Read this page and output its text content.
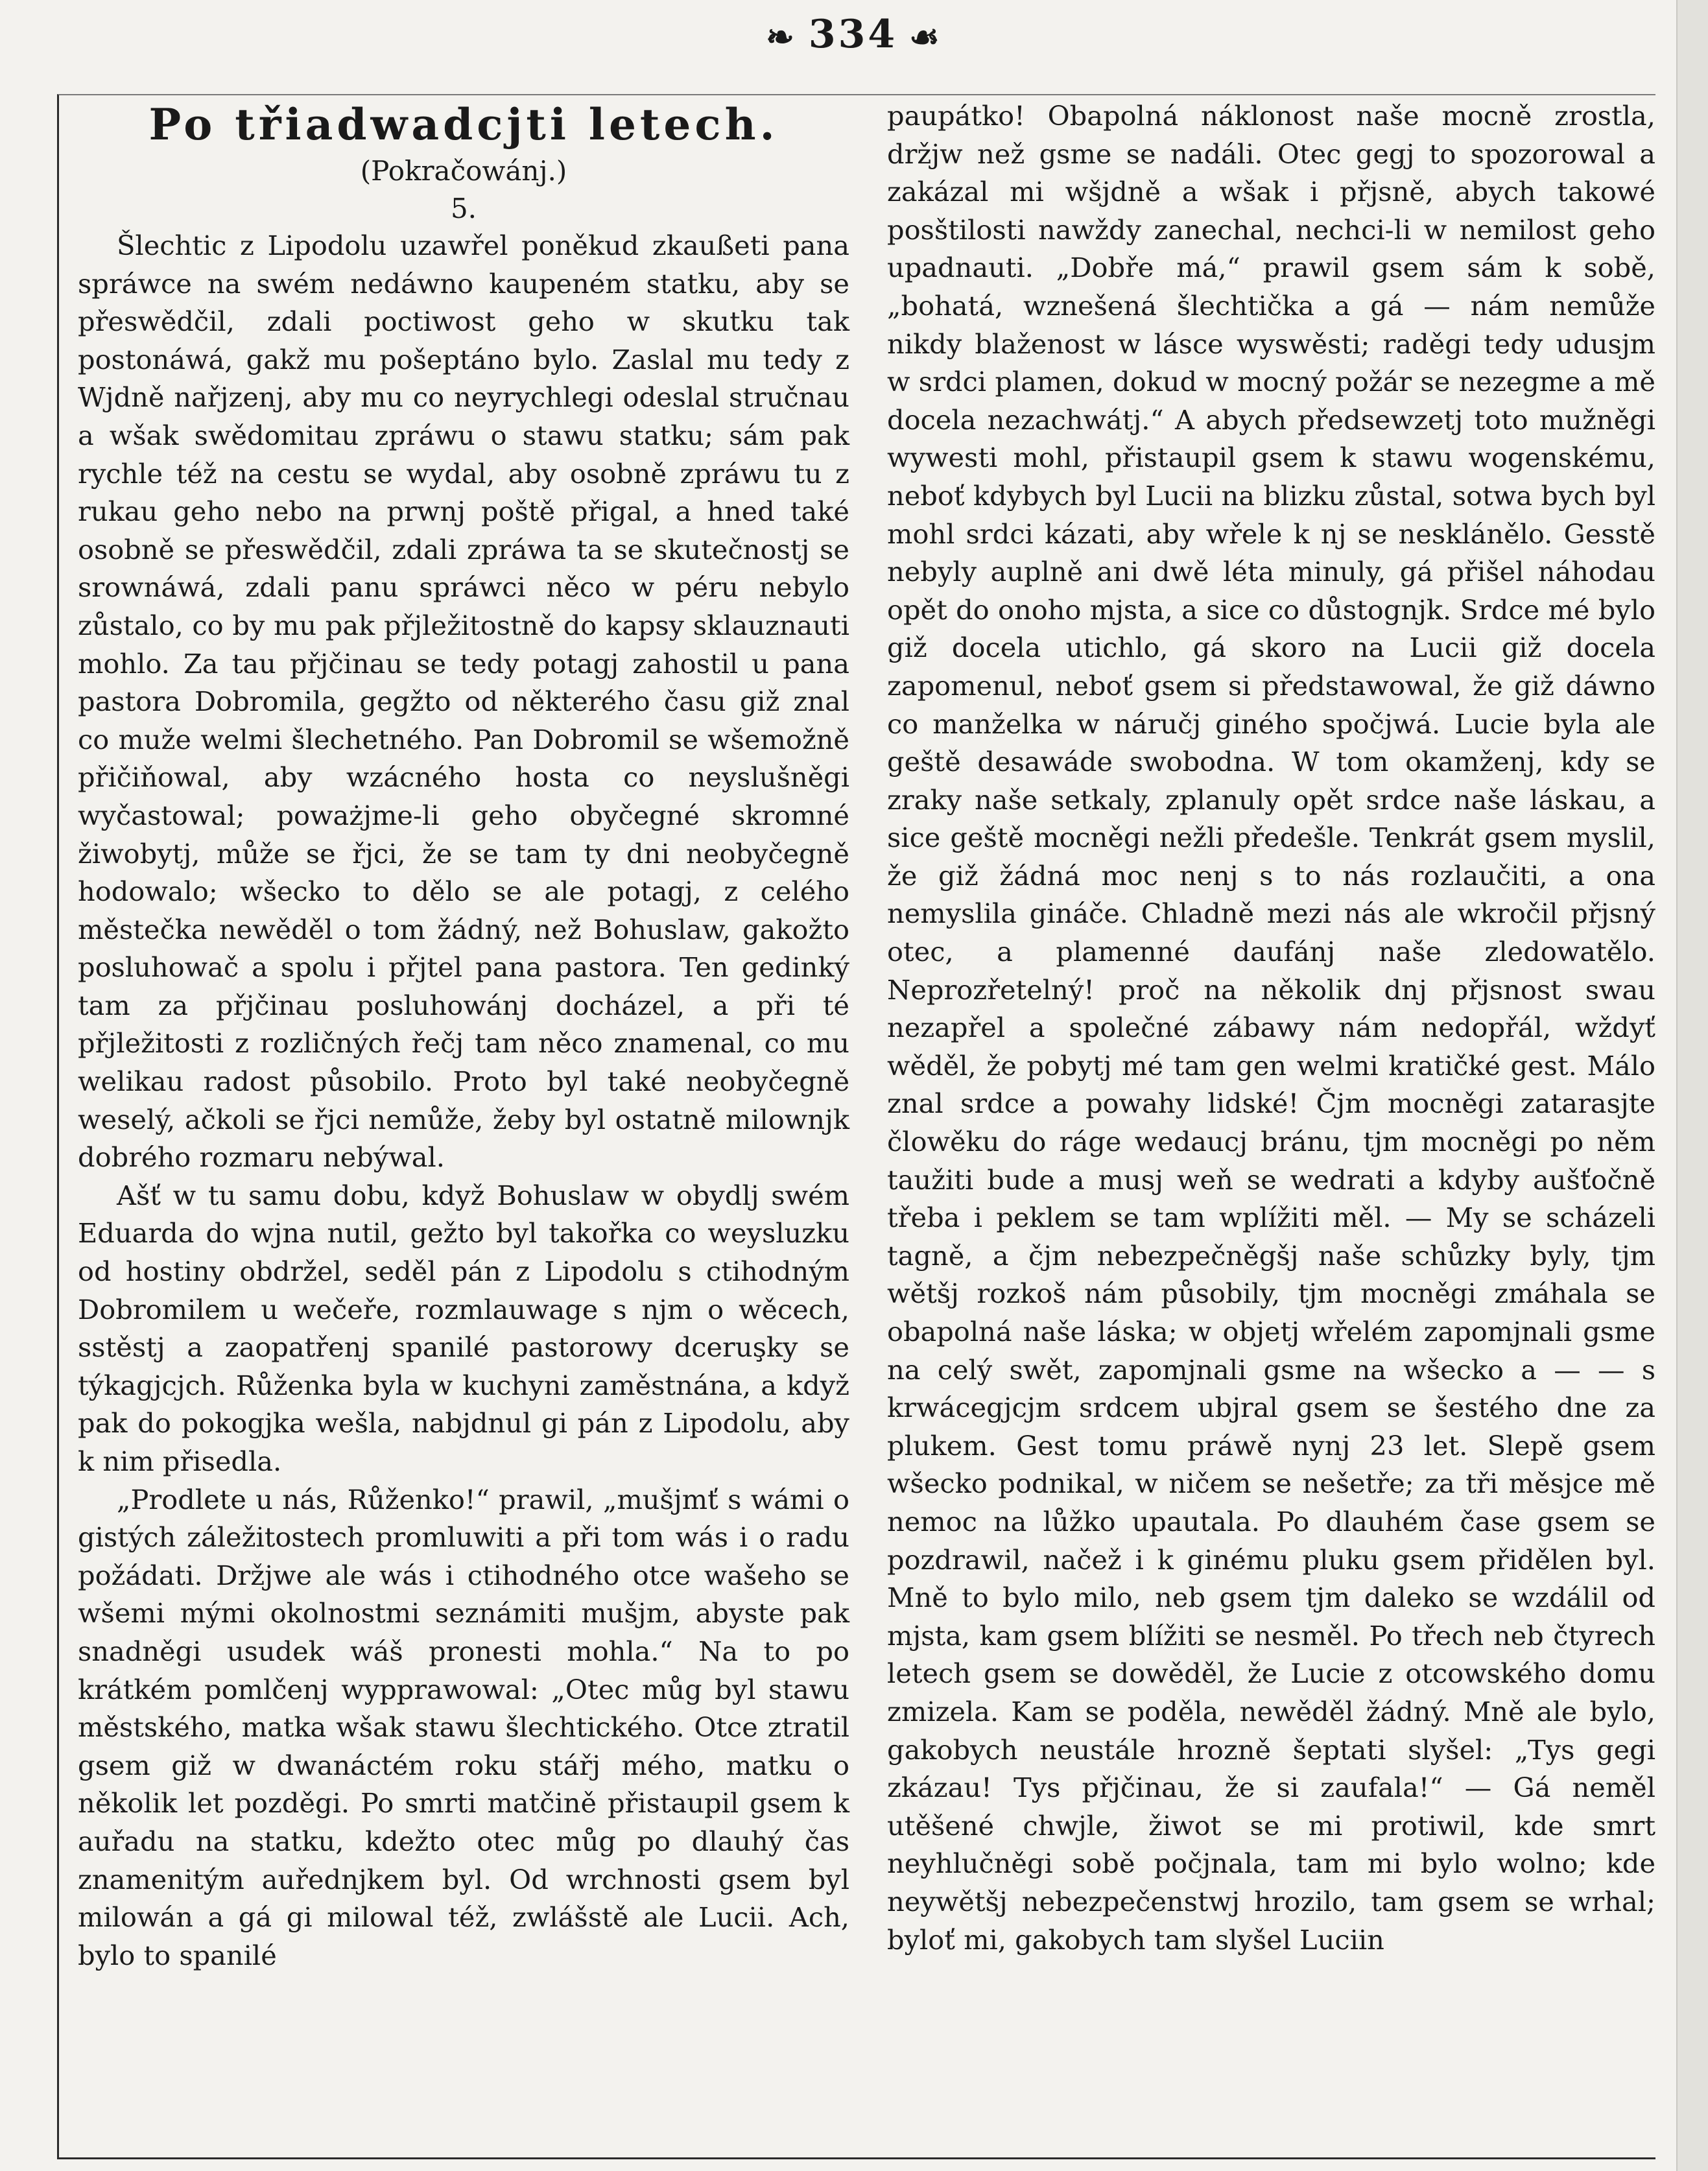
❧ 334 ☙
Po třiadwadcjti letech.

(Pokračowánj.)

5.

Šlechtic z Lipodolu uzawřel poněkud zkaußeti pana spráwce na swém nedáwno kaupeném statku, aby se přeswědčil, zdali poctiwost geho w skutku tak postonáwá, gakž mu pošeptáno bylo. Zaslal mu tedy z Wjdně nařjzenj, aby mu co neyrychlegi odeslal stručnau a wšak swědomitau zpráwu o stawu statku; sám pak rychle též na cestu se wydal, aby osobně zpráwu tu z rukau geho nebo na prwnj poště přigal, a hned také osobně se přeswědčil, zdali zpráwa ta se skutečnostj se srownáwá, zdali panu spráwci něco w péru nebylo zůstalo, co by mu pak přjležitostně do kapsy sklauznauti mohlo. Za tau přjčinau se tedy potagj zahostil u pana pastora Dobromila, gegžto od některého času giž znal co muže welmi šlechetného. Pan Dobromil se wšemožně přičiňowal, aby wzácného hosta co neyslušněgi wyčastowal; poważjme-li geho obyčegné skromné žiwobytj, může se řjci, že se tam ty dni neobyčegně hodowalo; wšecko to dělo se ale potagj, z celého městečka newěděl o tom žádný, než Bohuslaw, gakožto posluhowač a spolu i přjtel pana pastora. Ten gedinký tam za přjčinau posluhowánj docházel, a při té přjležitosti z rozličných řečj tam něco znamenal, co mu welikau radost působilo. Proto byl také neobyčegně weselý, ačkoli se řjci nemůže, žeby byl ostatně milownjk dobrého rozmaru nebýwal.

Ašť w tu samu dobu, když Bohuslaw w obydlj swém Eduarda do wjna nutil, gežto byl takořka co weysluzku od hostiny obdržel, seděl pán z Lipodolu s ctihodným Dobromilem u wečeře, rozmlauwage s njm o wěcech, sstěstj a zaopatřenj spanilé pastorowy dceruşky se týkagjcjch. Růženka byla w kuchyni zaměstnána, a když pak do pokogjka wešla, nabjdnul gi pán z Lipodolu, aby k nim přisedla.

„Prodlete u nás, Růženko!“ prawil, „mušjmť s wámi o gistých záležitostech promluwiti a při tom wás i o radu požádati. Držjwe ale wás i ctihodného otce wašeho se wšemi mými okolnostmi seznámiti mušjm, abyste pak snadněgi usudek wáš pronesti mohla.“ Na to po krátkém pomlčenj wypprawowal: „Otec můg byl stawu městského, matka wšak stawu šlechtického. Otce ztratil gsem giž w dwanáctém roku stářj mého, matku o několik let pozděgi. Po smrti matčině přistaupil gsem k auřadu na statku, kdežto otec můg po dlauhý čas znamenitým auřednjkem byl. Od wrchnosti gsem byl milowán a gá gi milowal též, zwlášstě ale Lucii. Ach, bylo to spanilé

paupátko! Obapolná náklonost naše mocně zrostla, držjw než gsme se nadáli. Otec gegj to spozorowal a zakázal mi wšjdně a wšak i přjsně, abych takowé posštilosti nawždy zanechal, nechci-li w nemilost geho upadnauti. „Dobře má,“ prawil gsem sám k sobě, „bohatá, wznešená šlechtička a gá — nám nemůže nikdy blaženost w lásce wyswěsti; raděgi tedy udusjm w srdci plamen, dokud w mocný požár se nezegme a mě docela nezachwátj.“ A abych předsewzetj toto mužněgi wywesti mohl, přistaupil gsem k stawu wogenskému, neboť kdybych byl Lucii na blizku zůstal, sotwa bych byl mohl srdci kázati, aby wřele k nj se nesklánělo. Gesstě nebyly auplně ani dwě léta minuly, gá přišel náhodau opět do onoho mjsta, a sice co důstognjk. Srdce mé bylo giž docela utichlo, gá skoro na Lucii giž docela zapomenul, neboť gsem si předstawowal, že giž dáwno co manželka w náručj giného spočjwá. Lucie byla ale geště desawáde swobodna. W tom okamženj, kdy se zraky naše setkaly, zplanuly opět srdce naše láskau, a sice geště mocněgi nežli předešle. Tenkrát gsem myslil, že giž žádná moc nenj s to nás rozlaučiti, a ona nemyslila gináče. Chladně mezi nás ale wkročil přjsný otec, a plamenné daufánj naše zledowatělo. Neprozřetelný! proč na několik dnj přjsnost swau nezapřel a společné zábawy nám nedopřál, wždyť wěděl, že pobytj mé tam gen welmi kratičké gest. Málo znal srdce a powahy lidské! Čjm mocněgi zatarasjte člowěku do ráge wedaucj bránu, tjm mocněgi po něm taužiti bude a musj weň se wedrati a kdyby aušťočně třeba i peklem se tam wplížiti měl. — My se scházeli tagně, a čjm nebezpečněgšj naše schůzky byly, tjm wětšj rozkoš nám působily, tjm mocněgi zmáhala se obapolná naše láska; w objetj wřelém zapomjnali gsme na celý swět, zapomjnali gsme na wšecko a — — s krwácegjcjm srdcem ubjral gsem se šestého dne za plukem. Gest tomu práwě nynj 23 let. Slepě gsem wšecko podnikal, w ničem se nešetře; za tři měsjce mě nemoc na lůžko upautala. Po dlauhém čase gsem se pozdrawil, načež i k ginému pluku gsem přidělen byl. Mně to bylo milo, neb gsem tjm daleko se wzdálil od mjsta, kam gsem blížiti se nesměl. Po třech neb čtyrech letech gsem se dowěděl, že Lucie z otcowského domu zmizela. Kam se poděla, newěděl žádný. Mně ale bylo, gakobych neustále hrozně šeptati slyšel: „Tys gegi zkázau! Tys přjčinau, že si zaufala!“ — Gá neměl utěšené chwjle, žiwot se mi protiwil, kde smrt neyhlučněgi sobě počjnala, tam mi bylo wolno; kde neywětšj nebezpečenstwj hrozilo, tam gsem se wrhal; byloť mi, gakobych tam slyšel Luciin
